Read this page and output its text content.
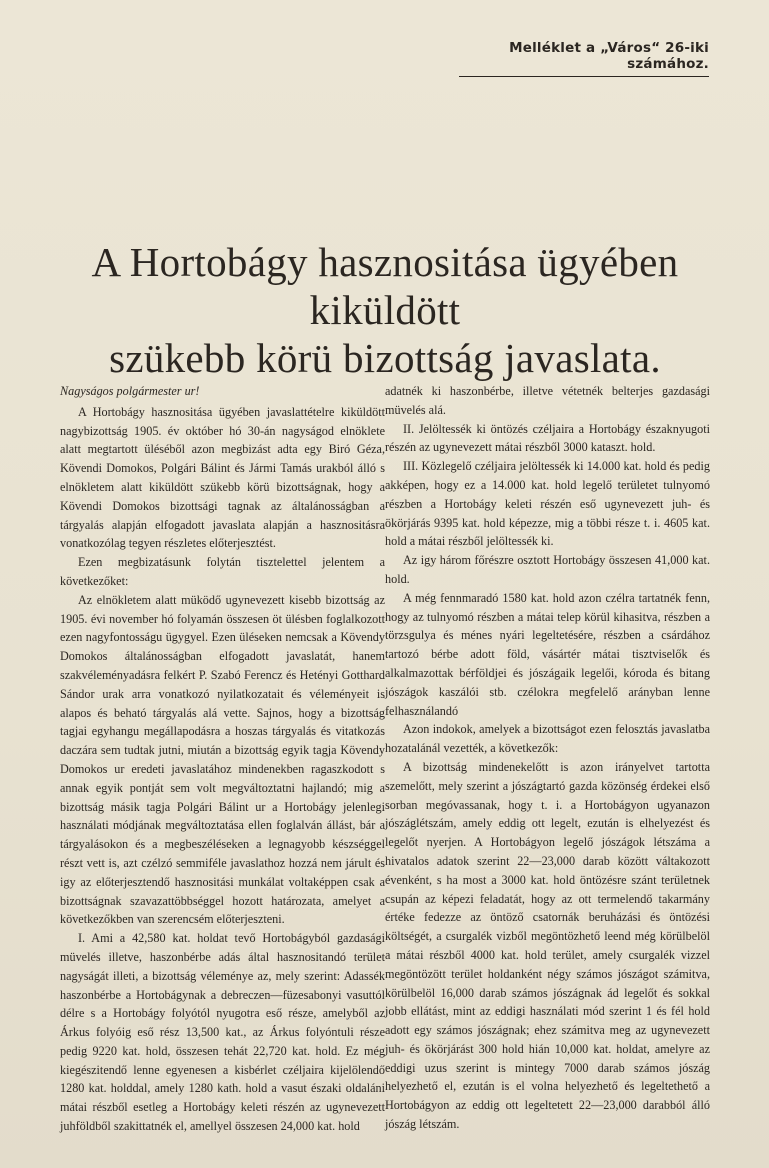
Melléklet a „Város“ 26-iki számához.
A Hortobágy hasznositása ügyében kiküldött
szükebb körü bizottság javaslata.

Nagyságos polgármester ur!

A Hortobágy hasznositása ügyében javaslattételre kiküldött nagybizottság 1905. év október hó 30-án nagyságod elnöklete alatt megtartott üléséből azon megbizást adta egy Biró Géza, Kövendi Domokos, Polgári Bálint és Jármi Tamás urakból álló s elnökletem alatt kiküldött szükebb körü bizottságnak, hogy a Kövendi Domokos bizottsági tagnak az általánosságban a tárgyalás alapján elfogadott javaslata alapján a hasznositásra vonatkozólag tegyen részletes előterjesztést.

Ezen megbizatásunk folytán tisztelettel jelentem a következőket:

Az elnökletem alatt müködő ugynevezett kisebb bizottság az 1905. évi november hó folyamán összesen öt ülésben foglalkozott ezen nagyfontosságu ügygyel. Ezen üléseken nemcsak a Kövendy Domokos általánosságban elfogadott javaslatát, hanem szakvéleményadásra felkért P. Szabó Ferencz és Hetényi Gotthard Sándor urak arra vonatkozó nyilatkozatait és véleményeit is alapos és beható tárgyalás alá vette. Sajnos, hogy a bizottság tagjai egyhangu megállapodásra a hoszas tárgyalás és vitatkozás daczára sem tudtak jutni, miután a bizottság egyik tagja Kövendy Domokos ur eredeti javaslatához mindenekben ragaszkodott s annak egyik pontját sem volt megváltoztatni hajlandó; mig a bizottság másik tagja Polgári Bálint ur a Hortobágy jelenlegi használati módjának megváltoztatása ellen foglalván állást, bár a tárgyalásokon és a megbeszéléseken a legnagyobb készséggel részt vett is, azt czélzó semmiféle javaslathoz hozzá nem járult és igy az előterjesztendő hasznositási munkálat voltaképpen csak a bizottságnak szavazattöbbséggel hozott határozata, amelyet a következőkben van szerencsém előterjeszteni.

I. Ami a 42,580 kat. holdat tevő Hortobágyból gazdasági müvelés illetve, haszonbérbe adás által hasznositandó terület nagyságát illeti, a bizottság véleménye az, mely szerint: Adassék haszonbérbe a Hortobágynak a debreczen—füzesabonyi vasuttól délre s a Hortobágy folyótól nyugotra eső része, amelyből az Árkus folyóig eső rész 13,500 kat., az Árkus folyóntuli része pedig 9220 kat. hold, összesen tehát 22,720 kat. hold. Ez még kiegészitendő lenne egyenesen a kisbérlet czéljaira kijelölendő 1280 kat. holddal, amely 1280 kath. hold a vasut északi oldaláni mátai részből esetleg a Hortobágy keleti részén az ugynevezett juhföldből szakittatnék el, amellyel összesen 24,000 kat. hold

adatnék ki haszonbérbe, illetve vétetnék belterjes gazdasági müvelés alá.

II. Jelöltessék ki öntözés czéljaira a Hortobágy északnyugoti részén az ugynevezett mátai részből 3000 kataszt. hold.

III. Közlegelő czéljaira jelöltessék ki 14.000 kat. hold és pedig akképen, hogy ez a 14.000 kat. hold legelő területet tulnyomó részben a Hortobágy keleti részén eső ugynevezett juh- és ökörjárás 9395 kat. hold képezze, mig a többi része t. i. 4605 kat. hold a mátai részből jelöltessék ki.

Az igy három főrészre osztott Hortobágy összesen 41,000 kat. hold.

A még fennmaradó 1580 kat. hold azon czélra tartatnék fenn, hogy az tulnyomó részben a mátai telep körül kihasitva, részben a törzsgulya és ménes nyári legeltetésére, részben a csárdához tartozó bérbe adott föld, vásártér mátai tisztviselők és alkalmazottak bérföldjei és jószágaik legelői, kóroda és bitang jószágok kaszálói stb. czélokra megfelelő arányban lenne felhasználandó

Azon indokok, amelyek a bizottságot ezen felosztás javaslatba hozatalánál vezették, a következők:

A bizottság mindenekelőtt is azon irányelvet tartotta szemelőtt, mely szerint a jószágtartó gazda közönség érdekei első sorban megóvassanak, hogy t. i. a Hortobágyon ugyanazon jószáglétszám, amely eddig ott legelt, ezután is elhelyezést és legelőt nyerjen. A Hortobágyon legelő jószágok létszáma a hivatalos adatok szerint 22—23,000 darab között váltakozott évenként, s ha most a 3000 kat. hold öntözésre szánt területnek csupán az képezi feladatát, hogy az ott termelendő takarmány értéke fedezze az öntöző csatornák beruházási és öntözési költségét, a csurgalék vizből megöntözhető leend még körülbelöl a mátai részből 4000 kat. hold terület, amely csurgalék vizzel megöntözött terület holdanként négy számos jószágot számitva, körülbelöl 16,000 darab számos jószágnak ád legelőt és sokkal jobb ellátást, mint az eddigi használati mód szerint 1 és fél hold adott egy számos jószágnak; ehez számitva meg az ugynevezett juh- és ökörjárást 300 hold hián 10,000 kat. holdat, amelyre az eddigi uzus szerint is mintegy 7000 darab számos jószág helyezhető el, ezután is el volna helyezhető és legeltethető a Hortobágyon az eddig ott legeltetett 22—23,000 darabból álló jószág létszám.
